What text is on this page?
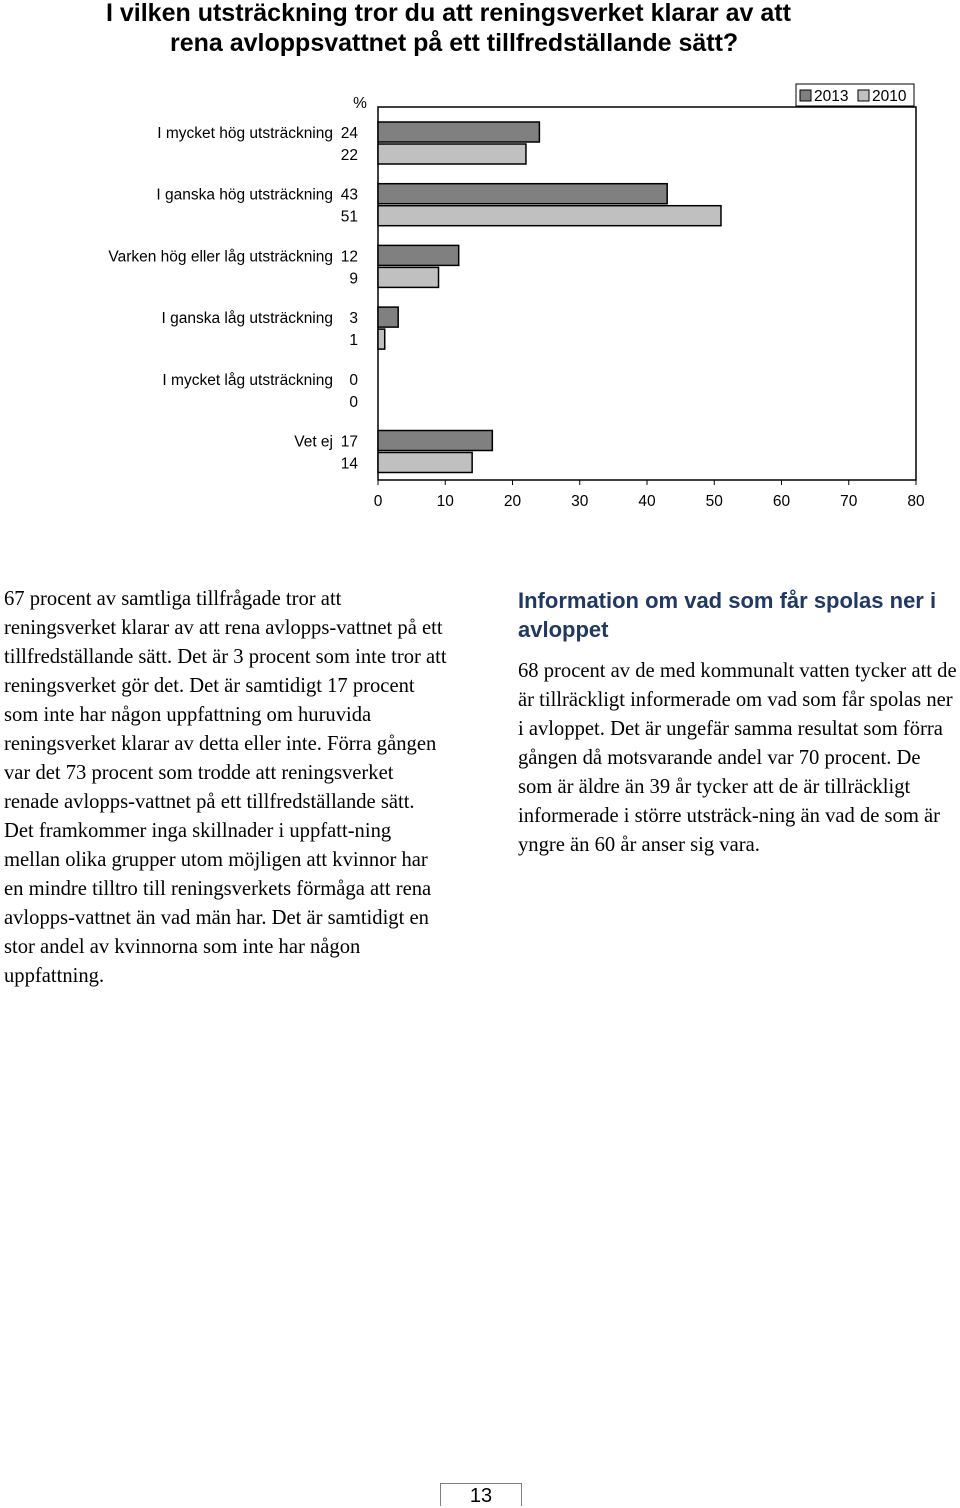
I vilken utsträckning tror du att reningsverket klarar av att
rena avloppsvattnet på ett tillfredställande sätt?
0	10	20	30	40	50	60	70	80
%
I mycket hög utsträckning 24
22
I ganska hög utsträckning 43
51
Varken hög eller låg utsträckning 12
9
I ganska låg utsträckning 3
1
I mycket låg utsträckning 0
0
Vet ej 17
14
2013 2010

67 procent av samtliga tillfrågade tror att reningsverket klarar av att rena avlopps-vattnet på ett tillfredställande sätt. Det är 3 procent som inte tror att reningsverket gör det. Det är samtidigt 17 procent som inte har någon uppfattning om huruvida reningsverket klarar av detta eller inte. Förra gången var det 73 procent som trodde att reningsverket renade avlopps-vattnet på ett tillfredställande sätt. Det framkommer inga skillnader i uppfatt-ning mellan olika grupper utom möjligen att kvinnor har en mindre tilltro till reningsverkets förmåga att rena avlopps-vattnet än vad män har. Det är samtidigt en stor andel av kvinnorna som inte har någon uppfattning.

Information om vad som får spolas ner i avloppet

68 procent av de med kommunalt vatten tycker att de är tillräckligt informerade om vad som får spolas ner i avloppet. Det är ungefär samma resultat som förra gången då motsvarande andel var 70 procent. De som är äldre än 39 år tycker att de är tillräckligt informerade i större utsträck-ning än vad de som är yngre än 60 år anser sig vara.

13
